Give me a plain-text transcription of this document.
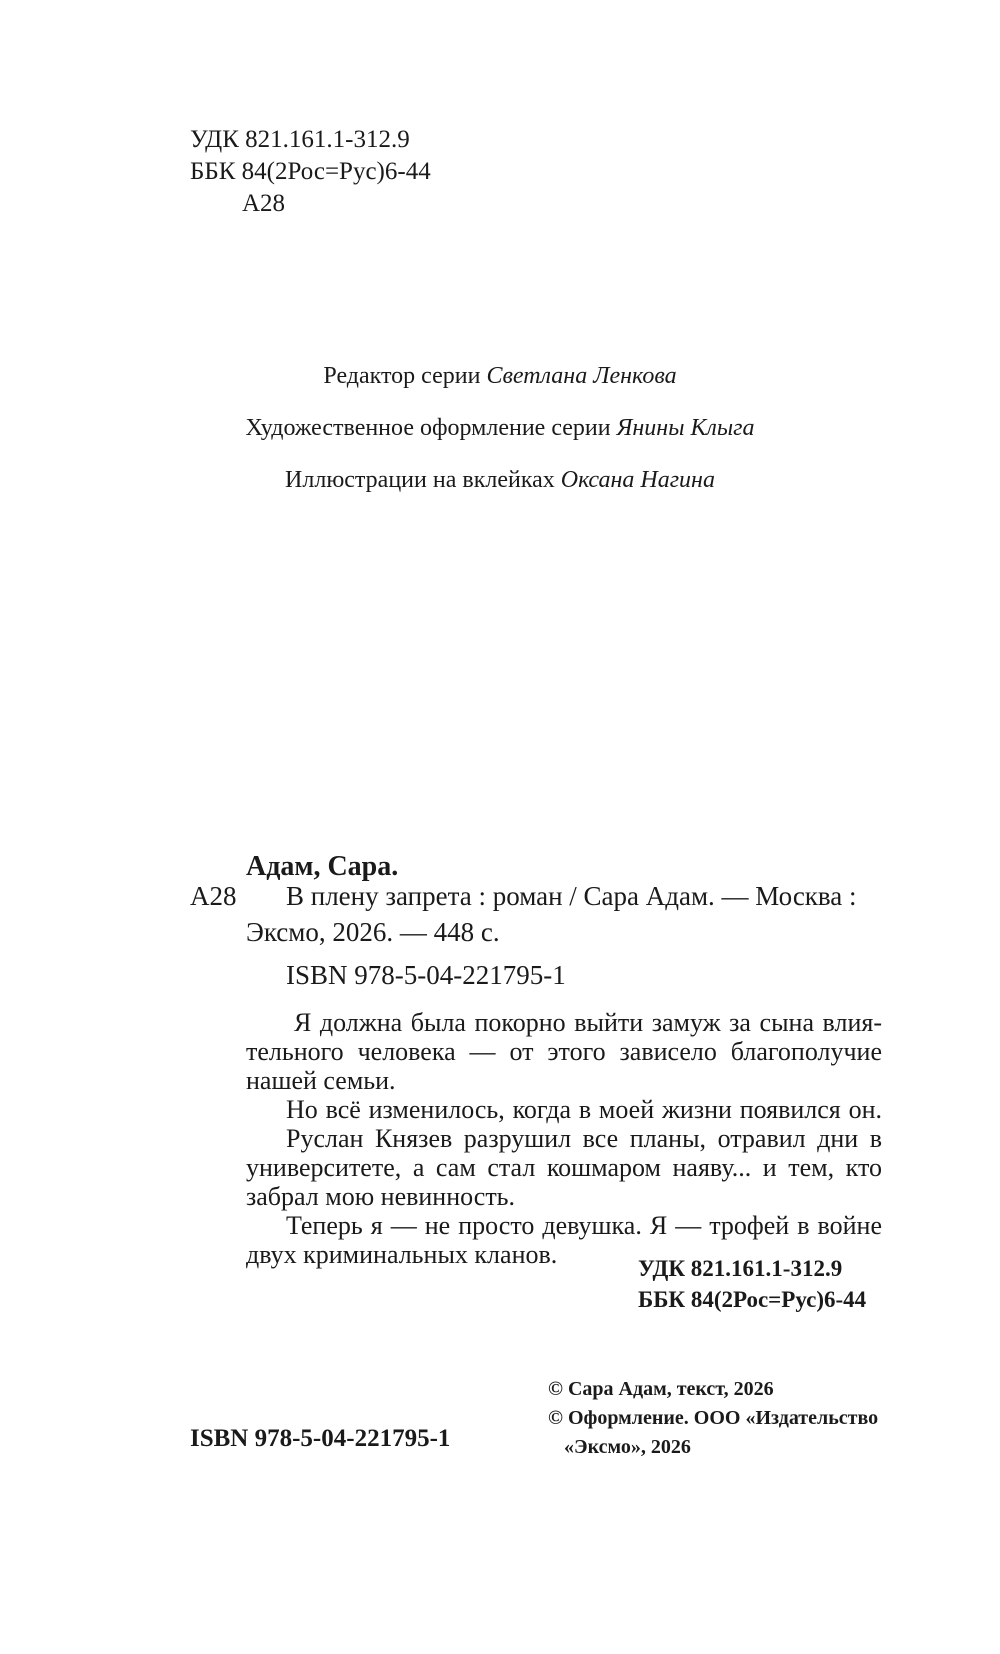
УДК 821.161.1-312.9
ББК 84(2Рос=Рус)6-44
А28
Редактор серии Светлана Ленкова
Художественное оформление серии Янины Клыга
Иллюстрации на вклейках Оксана Нагина
Адам, Сара.
А28	В плену запрета : роман / Сара Адам. — Москва :
Эксмо, 2026. — 448 с.
ISBN 978-5-04-221795-1
Я должна была покорно выйти замуж за сына влия-
тельного человека — от этого зависело благополучие
нашей семьи.
Но всё изменилось, когда в моей жизни появился он.
Руслан Князев разрушил все планы, отравил дни в
университете, а сам стал кошмаром наяву... и тем, кто
забрал мою невинность.
Теперь я — не просто девушка. Я — трофей в войне
двух криминальных кланов.	УДК 821.161.1-312.9
ББК 84(2Рос=Рус)6-44
© Сара Адам, текст, 2026
© Оформление. ООО «Издательство
«Эксмо», 2026
ISBN 978-5-04-221795-1
